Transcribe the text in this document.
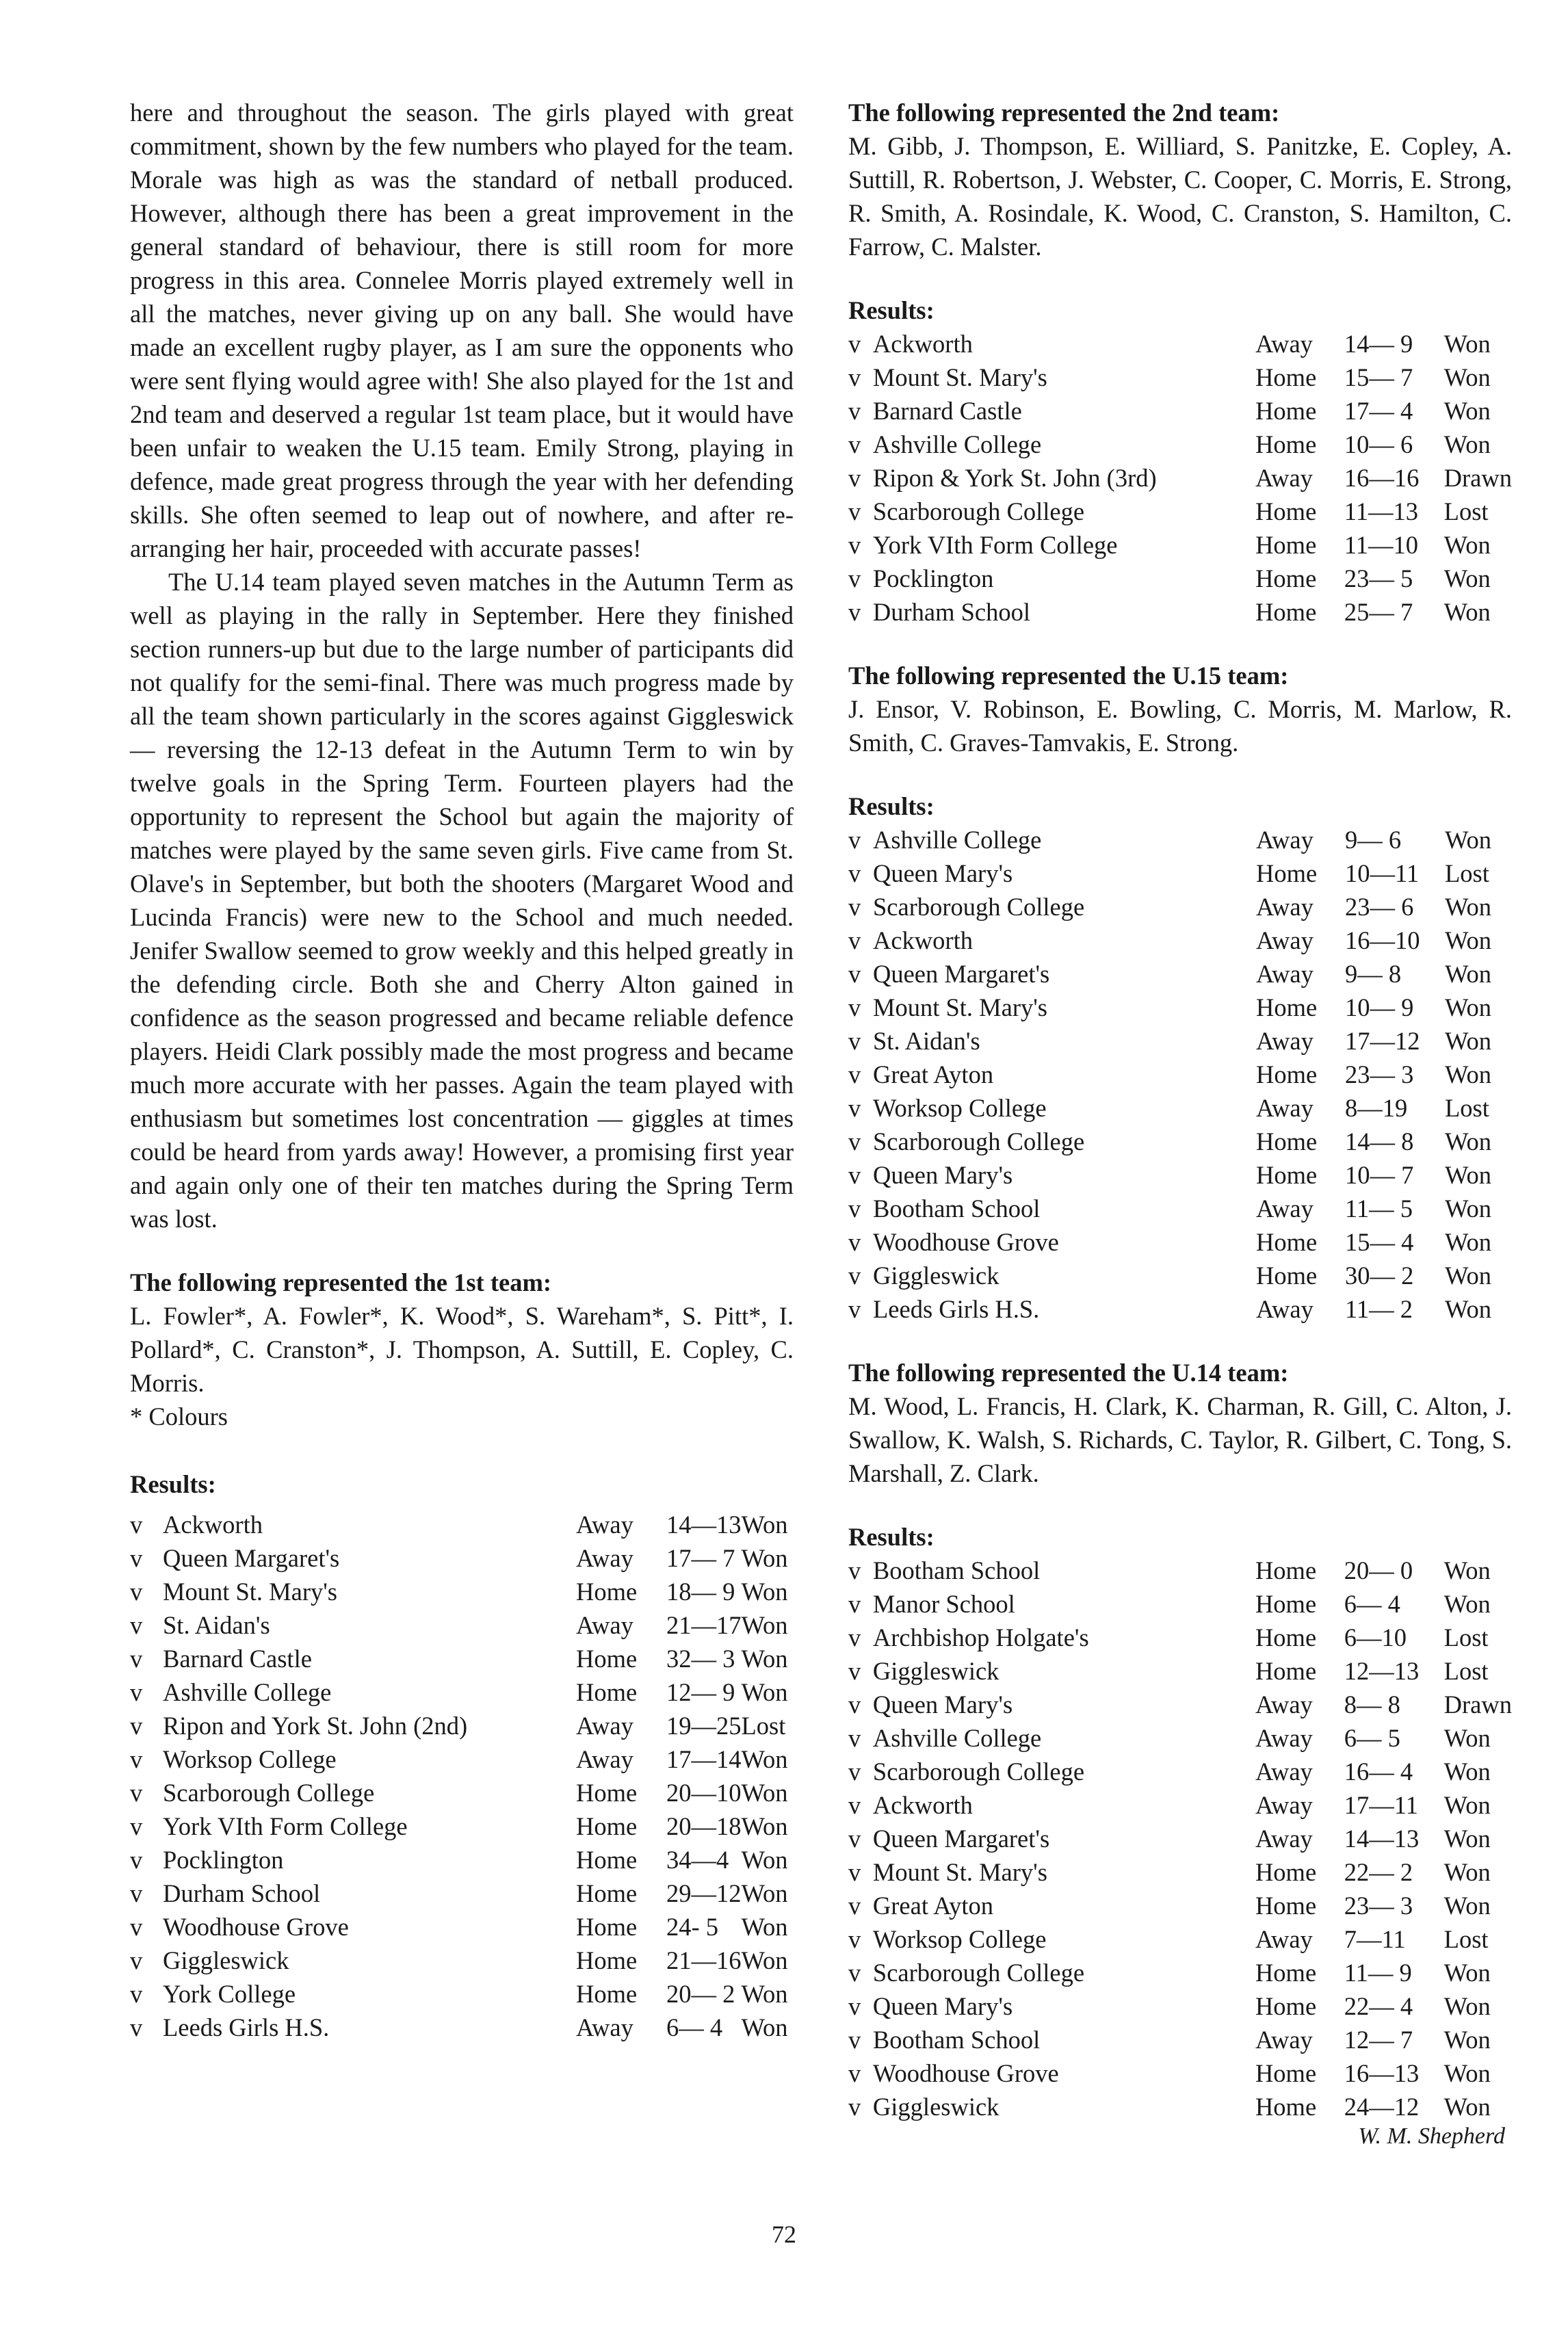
here and throughout the season. The girls played with great commitment, shown by the few numbers who played for the team. Morale was high as was the standard of netball produced. However, although there has been a great improvement in the general standard of behaviour, there is still room for more progress in this area. Connelee Morris played extremely well in all the matches, never giving up on any ball. She would have made an excellent rugby player, as I am sure the opponents who were sent flying would agree with! She also played for the 1st and 2nd team and deserved a regular 1st team place, but it would have been unfair to weaken the U.15 team. Emily Strong, playing in defence, made great progress through the year with her defending skills. She often seemed to leap out of nowhere, and after re-arranging her hair, proceeded with accurate passes!

The U.14 team played seven matches in the Autumn Term as well as playing in the rally in September. Here they finished section runners-up but due to the large number of participants did not qualify for the semi-final. There was much progress made by all the team shown particularly in the scores against Giggleswick — reversing the 12-13 defeat in the Autumn Term to win by twelve goals in the Spring Term. Fourteen players had the opportunity to represent the School but again the majority of matches were played by the same seven girls. Five came from St. Olave's in September, but both the shooters (Margaret Wood and Lucinda Francis) were new to the School and much needed. Jenifer Swallow seemed to grow weekly and this helped greatly in the defending circle. Both she and Cherry Alton gained in confidence as the season progressed and became reliable defence players. Heidi Clark possibly made the most progress and became much more accurate with her passes. Again the team played with enthusiasm but sometimes lost concentration — giggles at times could be heard from yards away! However, a promising first year and again only one of their ten matches during the Spring Term was lost.

The following represented the 1st team:

L. Fowler*, A. Fowler*, K. Wood*, S. Wareham*, S. Pitt*, I. Pollard*, C. Cranston*, J. Thompson, A. Suttill, E. Copley, C. Morris.

* Colours

Results:

v	Ackworth	Away	14—13	Won
v	Queen Margaret's	Away	17— 7	Won
v	Mount St. Mary's	Home	18— 9	Won
v	St. Aidan's	Away	21—17	Won
v	Barnard Castle	Home	32— 3	Won
v	Ashville College	Home	12— 9	Won
v	Ripon and York St. John (2nd)	Away	19—25	Lost
v	Worksop College	Away	17—14	Won
v	Scarborough College	Home	20—10	Won
v	York VIth Form College	Home	20—18	Won
v	Pocklington	Home	34—4	Won
v	Durham School	Home	29—12	Won
v	Woodhouse Grove	Home	24- 5	Won
v	Giggleswick	Home	21—16	Won
v	York College	Home	20— 2	Won
v	Leeds Girls H.S.	Away	6— 4	Won

The following represented the 2nd team:

M. Gibb, J. Thompson, E. Williard, S. Panitzke, E. Copley, A. Suttill, R. Robertson, J. Webster, C. Cooper, C. Morris, E. Strong, R. Smith, A. Rosindale, K. Wood, C. Cranston, S. Hamilton, C. Farrow, C. Malster.

Results:

v	Ackworth	Away	14— 9	Won
v	Mount St. Mary's	Home	15— 7	Won
v	Barnard Castle	Home	17— 4	Won
v	Ashville College	Home	10— 6	Won
v	Ripon & York St. John (3rd)	Away	16—16	Drawn
v	Scarborough College	Home	11—13	Lost
v	York VIth Form College	Home	11—10	Won
v	Pocklington	Home	23— 5	Won
v	Durham School	Home	25— 7	Won

The following represented the U.15 team:

J. Ensor, V. Robinson, E. Bowling, C. Morris, M. Marlow, R. Smith, C. Graves-Tamvakis, E. Strong.

Results:

v	Ashville College	Away	9— 6	Won
v	Queen Mary's	Home	10—11	Lost
v	Scarborough College	Away	23— 6	Won
v	Ackworth	Away	16—10	Won
v	Queen Margaret's	Away	9— 8	Won
v	Mount St. Mary's	Home	10— 9	Won
v	St. Aidan's	Away	17—12	Won
v	Great Ayton	Home	23— 3	Won
v	Worksop College	Away	8—19	Lost
v	Scarborough College	Home	14— 8	Won
v	Queen Mary's	Home	10— 7	Won
v	Bootham School	Away	11— 5	Won
v	Woodhouse Grove	Home	15— 4	Won
v	Giggleswick	Home	30— 2	Won
v	Leeds Girls H.S.	Away	11— 2	Won

The following represented the U.14 team:

M. Wood, L. Francis, H. Clark, K. Charman, R. Gill, C. Alton, J. Swallow, K. Walsh, S. Richards, C. Taylor, R. Gilbert, C. Tong, S. Marshall, Z. Clark.

Results:

v	Bootham School	Home	20— 0	Won
v	Manor School	Home	6— 4	Won
v	Archbishop Holgate's	Home	6—10	Lost
v	Giggleswick	Home	12—13	Lost
v	Queen Mary's	Away	8— 8	Drawn
v	Ashville College	Away	6— 5	Won
v	Scarborough College	Away	16— 4	Won
v	Ackworth	Away	17—11	Won
v	Queen Margaret's	Away	14—13	Won
v	Mount St. Mary's	Home	22— 2	Won
v	Great Ayton	Home	23— 3	Won
v	Worksop College	Away	7—11	Lost
v	Scarborough College	Home	11— 9	Won
v	Queen Mary's	Home	22— 4	Won
v	Bootham School	Away	12— 7	Won
v	Woodhouse Grove	Home	16—13	Won
v	Giggleswick	Home	24—12	Won

W. M. Shepherd

72
